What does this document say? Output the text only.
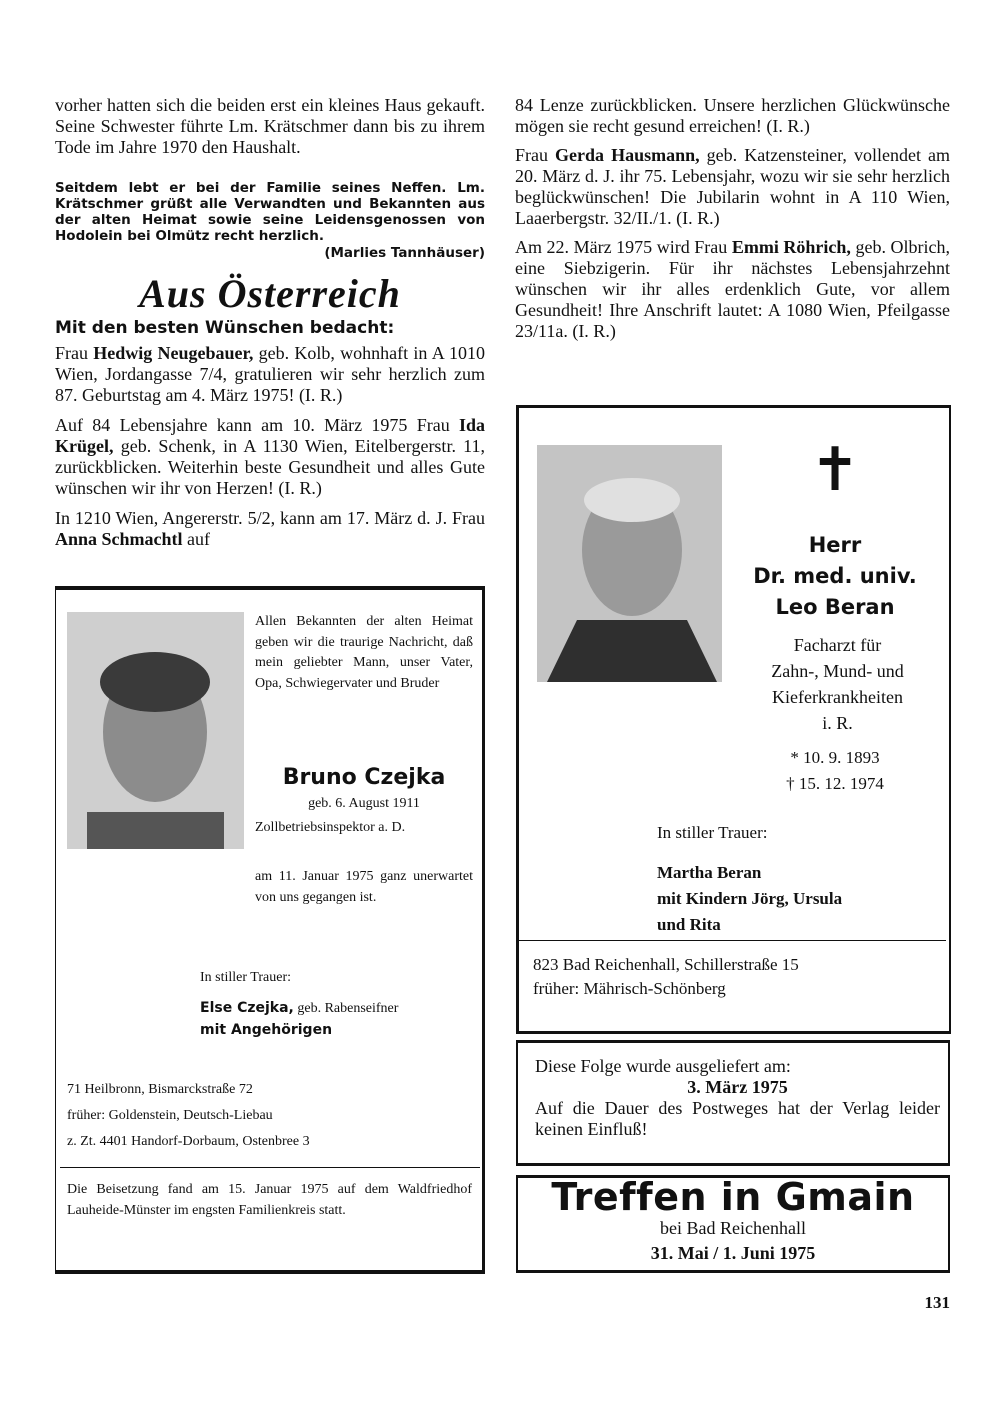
vorher hatten sich die beiden erst ein kleines Haus gekauft. Seine Schwester führte Lm. Krätschmer dann bis zu ihrem Tode im Jahre 1970 den Haushalt.

Seitdem lebt er bei der Familie seines Neffen. Lm. Krätschmer grüßt alle Verwandten und Bekannten aus der alten Heimat sowie seine Leidensgenossen von Hodolein bei Olmütz recht herzlich.

(Marlies Tannhäuser)

Aus Österreich
Mit den besten Wünschen bedacht:

Frau Hedwig Neugebauer, geb. Kolb, wohnhaft in A 1010 Wien, Jordangasse 7/4, gratulieren wir sehr herzlich zum 87. Geburtstag am 4. März 1975! (I. R.)

Auf 84 Lebensjahre kann am 10. März 1975 Frau Ida Krügel, geb. Schenk, in A 1130 Wien, Eitelbergerstr. 11, zurückblicken. Weiterhin beste Gesundheit und alles Gute wünschen wir ihr von Herzen! (I. R.)

In 1210 Wien, Angererstr. 5/2, kann am 17. März d. J. Frau Anna Schmachtl auf

84 Lenze zurückblicken. Unsere herzlichen Glückwünsche mögen sie recht gesund erreichen! (I. R.)

Frau Gerda Hausmann, geb. Katzensteiner, vollendet am 20. März d. J. ihr 75. Lebensjahr, wozu wir sie sehr herzlich beglückwünschen! Die Jubilarin wohnt in A 110 Wien, Laaerbergstr. 32/II./1. (I. R.)

Am 22. März 1975 wird Frau Emmi Röhrich, geb. Olbrich, eine Siebzigerin. Für ihr nächstes Lebensjahrzehnt wünschen wir ihr alles erdenklich Gute, vor allem Gesundheit! Ihre Anschrift lautet: A 1080 Wien, Pfeilgasse 23/11a. (I. R.)

Allen Bekannten der alten Heimat geben wir die traurige Nachricht, daß mein geliebter Mann, unser Vater, Opa, Schwiegervater und Bruder

Bruno Czejka
geb. 6. August 1911
Zollbetriebsinspektor a. D.

am 11. Januar 1975 ganz unerwartet von uns gegangen ist.

In stiller Trauer:
Else Czejka, geb. Rabenseifner
mit Angehörigen
71 Heilbronn, Bismarckstraße 72
früher: Goldenstein, Deutsch-Liebau
z. Zt. 4401 Handorf-Dorbaum, Ostenbree 3

Die Beisetzung fand am 15. Januar 1975 auf dem Waldfriedhof Lauheide-Münster im engsten Familienkreis statt.

✝
Herr
Dr. med. univ.
Leo Beran
Facharzt für
Zahn-, Mund- und
Kieferkrankheiten
i. R.
* 10. 9. 1893
† 15. 12. 1974
In stiller Trauer:
Martha Beran
mit Kindern Jörg, Ursula
und Rita
823 Bad Reichenhall, Schillerstraße 15
früher: Mährisch-Schönberg
Diese Folge wurde ausgeliefert am:
3. März 1975
Auf die Dauer des Postweges hat der Verlag leider keinen Einfluß!
Treffen in Gmain
bei Bad Reichenhall
31. Mai / 1. Juni 1975
131
